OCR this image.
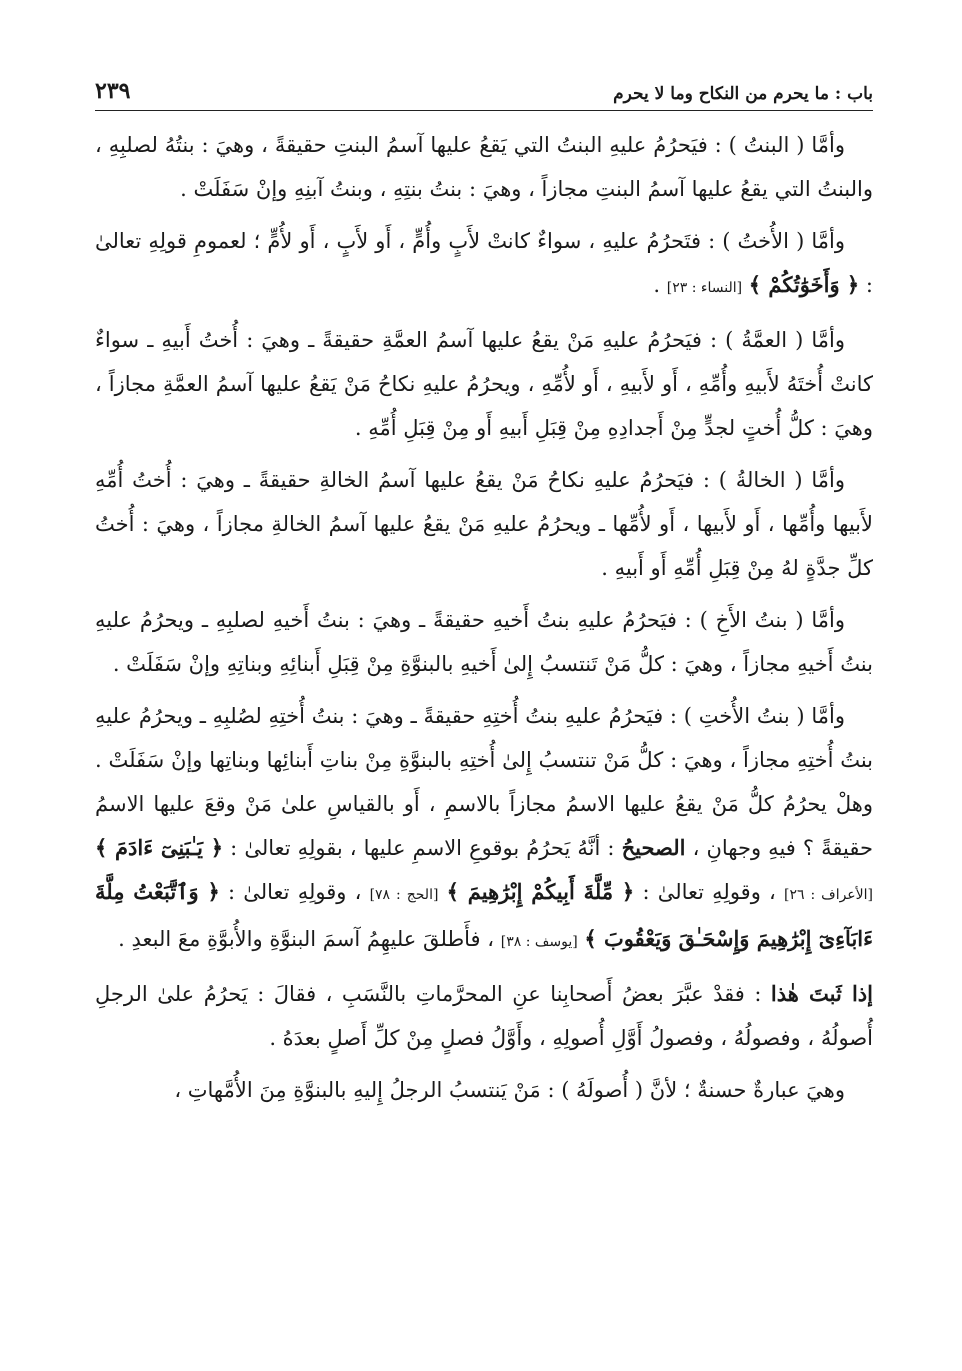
باب : ما يحرم من النكاح وما لا يحرم
٢٣٩

وأمَّا ( البنتُ ) : فيَحرُمُ عليهِ البنتُ التي يَقعُ عليها آسمُ البنتِ حقيقةً ، وهيَ : بنتُهُ لصلبِهِ ، والبنتُ التي يقعُ عليها آسمُ البنتِ مجازاً ، وهيَ : بنتُ بنتِهِ ، وبنتُ آبنِهِ وإنْ سَفَلَتْ .

وأمَّا ( الأُختُ ) : فتَحرُمُ عليهِ ، سواءٌ كانتْ لأَبٍ وأُمٍّ ، أَو لأَبٍ ، أَو لأُمٍّ ؛ لعمومِ قولِهِ تعالىٰ : ﴿ وَأَخَوَٰتُكُمْ ﴾ [النساء : ٢٣] .

وأمَّا ( العمَّةُ ) : فيَحرُمُ عليهِ مَنْ يقعُ عليها آسمُ العمَّةِ حقيقةً ـ وهيَ : أُختُ أَبيهِ ـ سواءٌ كانتْ أُختَهُ لأَبيهِ وأُمِّهِ ، أَو لأَبيهِ ، أَو لأُمِّهِ ، ويحرُمُ عليهِ نكاحُ مَنْ يَقعُ عليها آسمُ العمَّةِ مجازاً ، وهيَ : كلُّ أُختٍ لجدٍّ مِنْ أَجدادِهِ مِنْ قِبَلِ أَبيهِ أَو مِنْ قِبَلِ أُمِّهِ .

وأمَّا ( الخالةُ ) : فيَحرُمُ عليهِ نكاحُ مَنْ يقعُ عليها آسمُ الخالةِ حقيقةً ـ وهيَ : أُختُ أُمِّهِ لأَبيها وأُمِّها ، أَو لأَبيها ، أَو لأُمِّها ـ ويحرُمُ عليهِ مَنْ يقعُ عليها آسمُ الخالةِ مجازاً ، وهيَ : أُختُ كلِّ جدَّةٍ لهُ مِنْ قِبَلِ أُمِّهِ أَو أَبيهِ .

وأمَّا ( بنتُ الأَخِ ) : فيَحرُمُ عليهِ بنتُ أَخيهِ حقيقةً ـ وهيَ : بنتُ أَخيهِ لصلبِهِ ـ ويحرُمُ عليهِ بنتُ أَخيهِ مجازاً ، وهيَ : كلُّ مَنْ تَنتسبُ إِلىٰ أَخيهِ بالبنوَّةِ مِنْ قِبَلِ أَبنائِهِ وبناتِهِ وإنْ سَفَلَتْ .

وأمَّا ( بنتُ الأُختِ ) : فيَحرُمُ عليهِ بنتُ أُختِهِ حقيقةً ـ وهيَ : بنتُ أُختِهِ لصُلبِهِ ـ ويحرُمُ عليهِ بنتُ أُختِهِ مجازاً ، وهيَ : كلُّ مَنْ تنتسبُ إِلىٰ أُختِهِ بالبنوَّةِ مِنْ بناتِ أَبنائِها وبناتِها وإنْ سَفَلَتْ . وهلْ يحرُمُ كلُّ مَنْ يقعُ عليها الاسمُ مجازاً بالاسمِ ، أَو بالقياسِ علىٰ مَنْ وقعَ عليها الاسمُ حقيقةً ؟ فيهِ وجهانِ ، الصحيحُ : أنَّهُ يَحرُمُ بوقوعِ الاسمِ عليها ، بقولِهِ تعالىٰ : ﴿ يَـٰبَنِىٓ ءَادَمَ ﴾ [الأعراف : ٢٦] ، وقولِهِ تعالىٰ : ﴿ مِّلَّةَ أَبِيكُمْ إِبْرَٰهِيمَ ﴾ [الحج : ٧٨] ، وقولِهِ تعالىٰ : ﴿ وَٱتَّبَعْتُ مِلَّةَ ءَابَآءِىٓ إِبْرَٰهِيمَ وَإِسْحَـٰقَ وَيَعْقُوبَ ﴾ [يوسف : ٣٨] ، فأَطلقَ عليهِمُ آسمَ البنوَّةِ والأُبوَّةِ معَ البعدِ .

إذا ثَبتَ هٰذا : فقدْ عبَّرَ بعضُ أَصحابِنا عنِ المحرَّماتِ بالنَّسَبِ ، فقالَ : يَحرُمُ علىٰ الرجلِ أُصولُهُ ، وفصولُهُ ، وفصولُ أَوَّلِ أُصولِهِ ، وأَوَّلُ فصلٍ مِنْ كلِّ أَصلٍ بعدَهُ .

وهيَ عبارةٌ حسنةٌ ؛ لأنَّ ( أُصولَهُ ) : مَنْ يَنتسبُ الرجلُ إِليهِ بالبنوَّةِ مِنَ الأُمَّهاتِ ،
